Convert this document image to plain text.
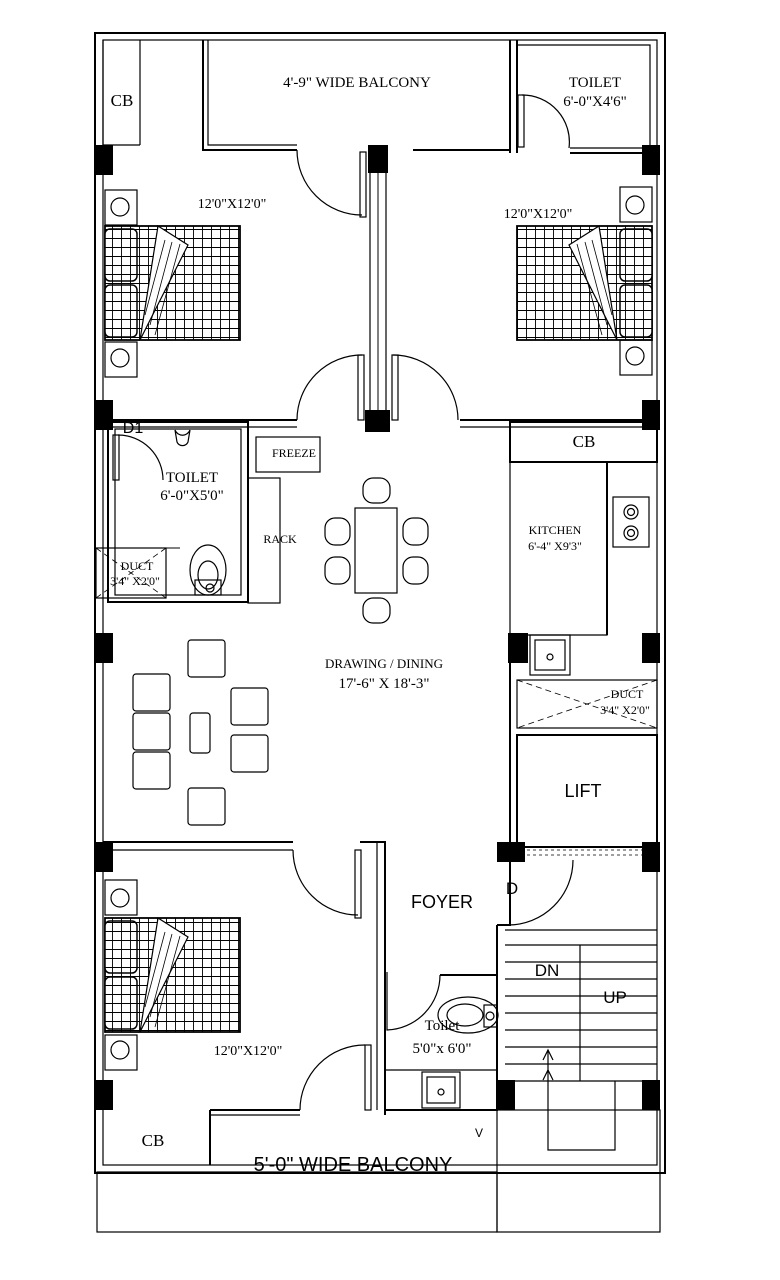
4'-9" WIDE BALCONY
CB
TOILET
6'-0"X4'6"
12'0"X12'0"
12'0"X12'0"
D1
TOILET
6'-0"X5'0"
FREEZE
RACK
DUCT
3'4" X2'0"
CB
KITCHEN
6'-4" X9'3"
DRAWING / DINING
17'-6" X 18'-3"
DUCT
3'4" X2'0"
LIFT
FOYER
D
DN
UP
Toilet
5'0"x 6'0"
12'0"X12'0"
CB
5'-0" WIDE BALCONY
V
